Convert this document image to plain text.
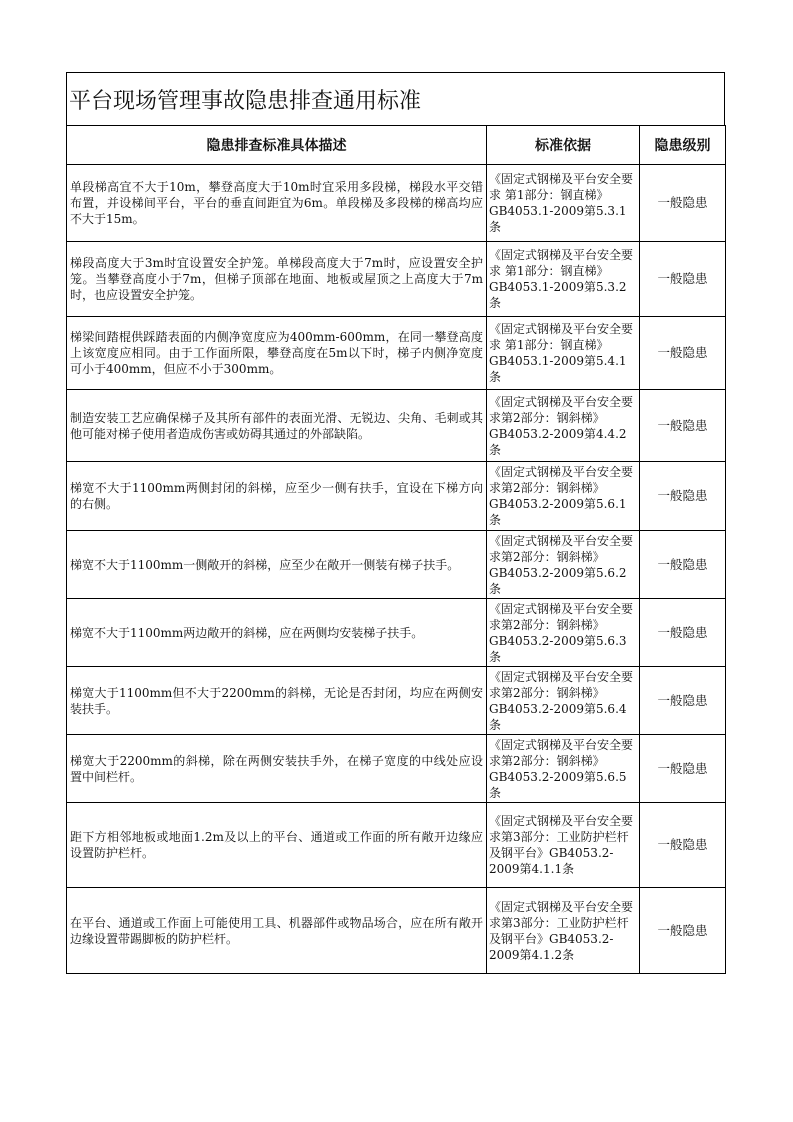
平台现场管理事故隐患排查通用标准
隐患排查标准具体描述	标准依据	隐患级别
单段梯高宜不大于10m，攀登高度大于10m时宜采用多段梯，梯段水平交错布置，并设梯间平台，平台的垂直间距宜为6m。单段梯及多段梯的梯高均应不大于15m。	《固定式钢梯及平台安全要求 第1部分：钢直梯》GB4053.1-2009第5.3.1条	一般隐患
梯段高度大于3m时宜设置安全护笼。单梯段高度大于7m时，应设置安全护笼。当攀登高度小于7m，但梯子顶部在地面、地板或屋顶之上高度大于7m时，也应设置安全护笼。	《固定式钢梯及平台安全要求 第1部分：钢直梯》GB4053.1-2009第5.3.2条	一般隐患
梯梁间踏棍供踩踏表面的内侧净宽度应为400mm-600mm，在同一攀登高度上该宽度应相同。由于工作面所限，攀登高度在5m以下时，梯子内侧净宽度可小于400mm，但应不小于300mm。	《固定式钢梯及平台安全要求 第1部分：钢直梯》GB4053.1-2009第5.4.1条	一般隐患
制造安装工艺应确保梯子及其所有部件的表面光滑、无锐边、尖角、毛刺或其他可能对梯子使用者造成伤害或妨碍其通过的外部缺陷。	《固定式钢梯及平台安全要求第2部分：钢斜梯》GB4053.2-2009第4.4.2条	一般隐患
梯宽不大于1100mm两侧封闭的斜梯，应至少一侧有扶手，宜设在下梯方向的右侧。	《固定式钢梯及平台安全要求第2部分：钢斜梯》GB4053.2-2009第5.6.1条	一般隐患
梯宽不大于1100mm一侧敞开的斜梯，应至少在敞开一侧装有梯子扶手。	《固定式钢梯及平台安全要求第2部分：钢斜梯》GB4053.2-2009第5.6.2条	一般隐患
梯宽不大于1100mm两边敞开的斜梯，应在两侧均安装梯子扶手。	《固定式钢梯及平台安全要求第2部分：钢斜梯》GB4053.2-2009第5.6.3条	一般隐患
梯宽大于1100mm但不大于2200mm的斜梯，无论是否封闭，均应在两侧安装扶手。	《固定式钢梯及平台安全要求第2部分：钢斜梯》GB4053.2-2009第5.6.4条	一般隐患
梯宽大于2200mm的斜梯，除在两侧安装扶手外，在梯子宽度的中线处应设置中间栏杆。	《固定式钢梯及平台安全要求第2部分：钢斜梯》GB4053.2-2009第5.6.5条	一般隐患
距下方相邻地板或地面1.2m及以上的平台、通道或工作面的所有敞开边缘应设置防护栏杆。	《固定式钢梯及平台安全要求第3部分：工业防护栏杆及钢平台》GB4053.2-2009第4.1.1条	一般隐患
在平台、通道或工作面上可能使用工具、机器部件或物品场合，应在所有敞开边缘设置带踢脚板的防护栏杆。	《固定式钢梯及平台安全要求第3部分：工业防护栏杆及钢平台》GB4053.2-2009第4.1.2条	一般隐患
